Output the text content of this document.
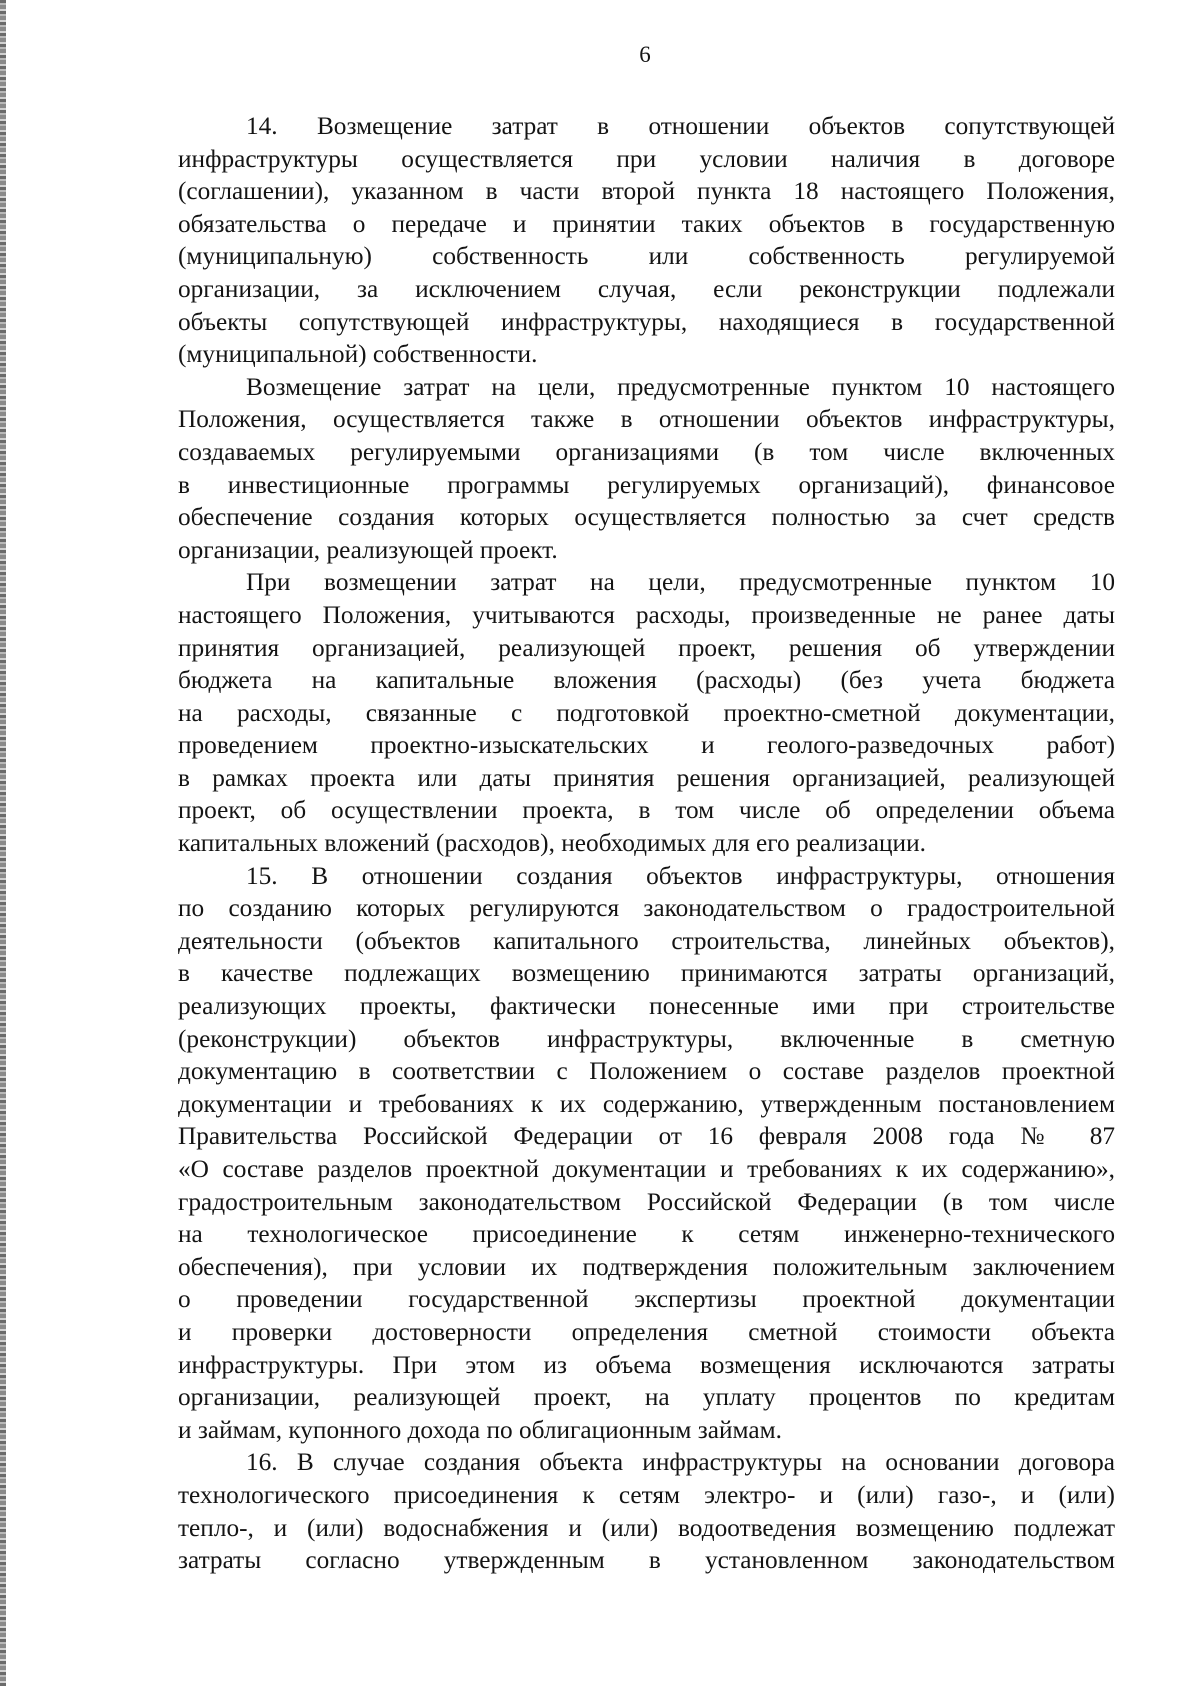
6

14. Возмещение затрат в отношении объектов сопутствующей
инфраструктуры осуществляется при условии наличия в договоре
(соглашении), указанном в части второй пункта 18 настоящего Положения,
обязательства о передаче и принятии таких объектов в государственную
(муниципальную) собственность или собственность регулируемой
организации, за исключением случая, если реконструкции подлежали
объекты сопутствующей инфраструктуры, находящиеся в государственной
(муниципальной) собственности.

Возмещение затрат на цели, предусмотренные пунктом 10 настоящего
Положения, осуществляется также в отношении объектов инфраструктуры,
создаваемых регулируемыми организациями (в том числе включенных
в инвестиционные программы регулируемых организаций), финансовое
обеспечение создания которых осуществляется полностью за счет средств
организации, реализующей проект.

При возмещении затрат на цели, предусмотренные пунктом 10
настоящего Положения, учитываются расходы, произведенные не ранее даты
принятия организацией, реализующей проект, решения об утверждении
бюджета на капитальные вложения (расходы) (без учета бюджета
на расходы, связанные с подготовкой проектно-сметной документации,
проведением проектно-изыскательских и геолого-разведочных работ)
в рамках проекта или даты принятия решения организацией, реализующей
проект, об осуществлении проекта, в том числе об определении объема
капитальных вложений (расходов), необходимых для его реализации.

15. В отношении создания объектов инфраструктуры, отношения
по созданию которых регулируются законодательством о градостроительной
деятельности (объектов капитального строительства, линейных объектов),
в качестве подлежащих возмещению принимаются затраты организаций,
реализующих проекты, фактически понесенные ими при строительстве
(реконструкции) объектов инфраструктуры, включенные в сметную
документацию в соответствии с Положением о составе разделов проектной
документации и требованиях к их содержанию, утвержденным постановлением
Правительства Российской Федерации от 16 февраля 2008 года № 87
«О составе разделов проектной документации и требованиях к их содержанию»,
градостроительным законодательством Российской Федерации (в том числе
на технологическое присоединение к сетям инженерно-технического
обеспечения), при условии их подтверждения положительным заключением
о проведении государственной экспертизы проектной документации
и проверки достоверности определения сметной стоимости объекта
инфраструктуры. При этом из объема возмещения исключаются затраты
организации, реализующей проект, на уплату процентов по кредитам
и займам, купонного дохода по облигационным займам.

16. В случае создания объекта инфраструктуры на основании договора
технологического присоединения к сетям электро- и (или) газо-, и (или)
тепло-, и (или) водоснабжения и (или) водоотведения возмещению подлежат
затраты согласно утвержденным в установленном законодательством
